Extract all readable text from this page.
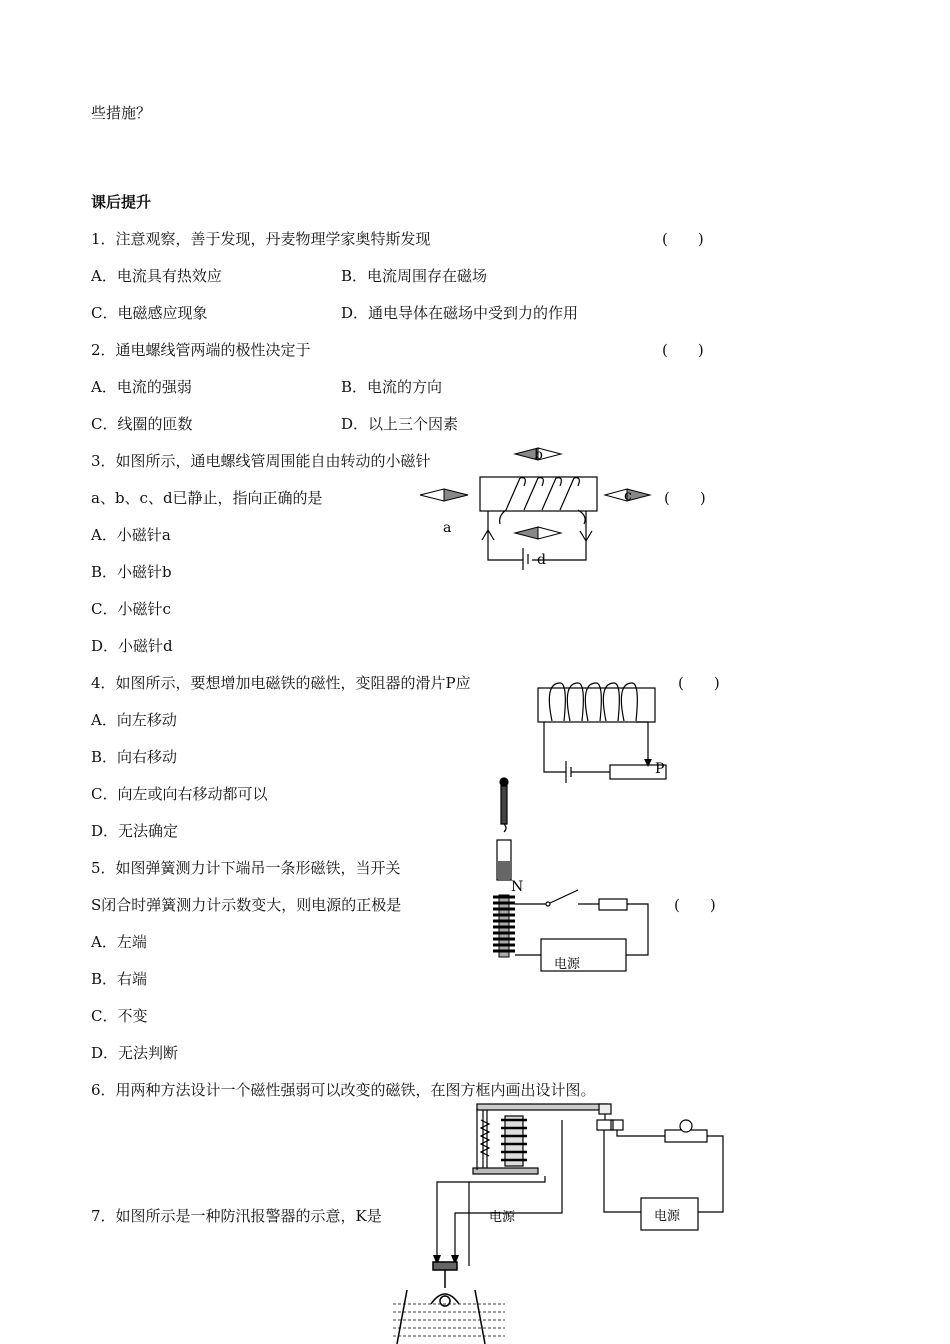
些措施？
课后提升
1．注意观察，善于发现，丹麦物理学家奥特斯发现	(　　)
A．电流具有热效应	B．电流周围存在磁场
C．电磁感应现象	D．通电导体在磁场中受到力的作用
2．通电螺线管两端的极性决定于	(　　)
A．电流的强弱	B．电流的方向
C．线圈的匝数	D．以上三个因素
3．如图所示，通电螺线管周围能自由转动的小磁针
a、b、c、d已静止，指向正确的是	(　　)
A．小磁针a
B．小磁针b
C．小磁针c
D．小磁针d
4．如图所示，要想增加电磁铁的磁性，变阻器的滑片P应	(　　)
A．向左移动
B．向右移动
C．向左或向右移动都可以
D．无法确定
5．如图弹簧测力计下端吊一条形磁铁，当开关
S闭合时弹簧测力计示数变大，则电源的正极是	(　　)
A．左端
B．右端
C．不变
D．无法判断
6．用两种方法设计一个磁性强弱可以改变的磁铁，在图方框内画出设计图。
7．如图所示是一种防汛报警器的示意，K是
a
b
c
d
P
N
电源
电源	电源
